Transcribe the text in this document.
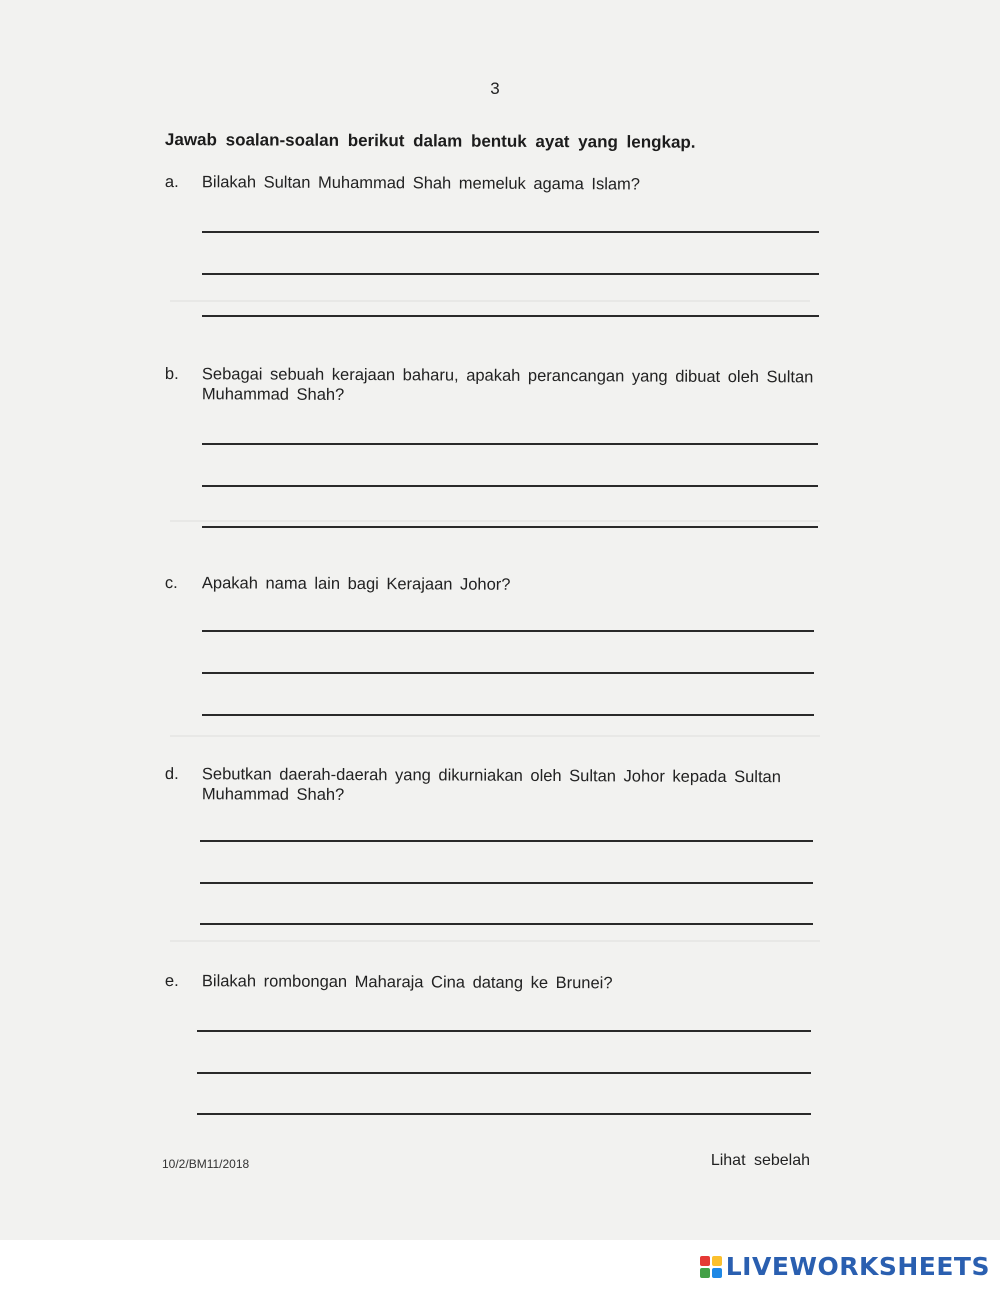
3
Jawab soalan-soalan berikut dalam bentuk ayat yang lengkap.
a.	Bilakah Sultan Muhammad Shah memeluk agama Islam?
b.	Sebagai sebuah kerajaan baharu, apakah perancangan yang dibuat oleh Sultan Muhammad Shah?
c.	Apakah nama lain bagi Kerajaan Johor?
d.	Sebutkan daerah-daerah yang dikurniakan oleh Sultan Johor kepada Sultan Muhammad Shah?
e.	Bilakah rombongan Maharaja Cina datang ke Brunei?
10/2/BM11/2018	Lihat sebelah
LIVEWORKSHEETS
